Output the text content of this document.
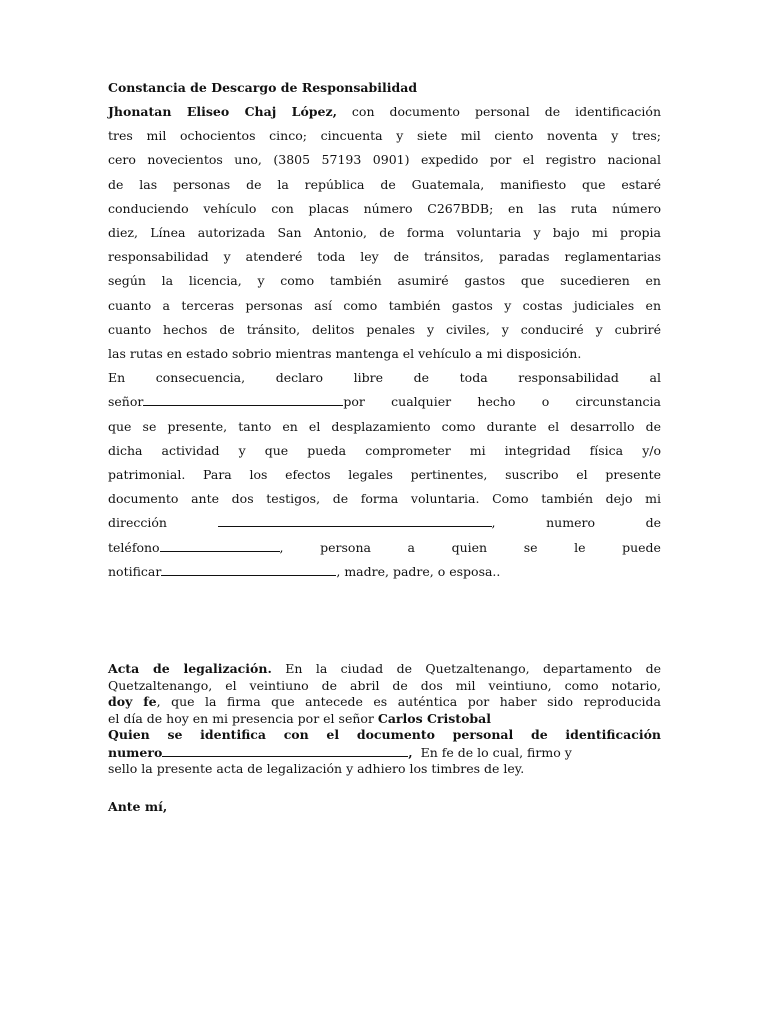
Constancia de Descargo de Responsabilidad
Jhonatan Eliseo Chaj López, con documento personal de identificación
tres mil ochocientos cinco; cincuenta y siete mil ciento noventa y tres;
cero novecientos uno, (3805 57193 0901) expedido por el registro nacional
de las personas de la república de Guatemala, manifiesto que estaré
conduciendo vehículo con placas número C267BDB; en las ruta número
diez, Línea autorizada San Antonio, de forma voluntaria y bajo mi propia
responsabilidad y atenderé toda ley de tránsitos, paradas reglamentarias
según la licencia, y como también asumiré gastos que sucedieren en
cuanto a terceras personas así como también gastos y costas judiciales en
cuanto hechos de tránsito, delitos penales y civiles, y conduciré y cubriré
las rutas en estado sobrio mientras mantenga el vehículo a mi disposición.
En consecuencia, declaro libre de toda responsabilidad al
señor	por cualquier hecho o circunstancia
que se presente, tanto en el desplazamiento como durante el desarrollo de
dicha actividad y que pueda comprometer mi integridad física y/o
patrimonial. Para los efectos legales pertinentes, suscribo el presente
documento ante dos testigos, de forma voluntaria. Como también dejo mi
dirección	,	numero	de
teléfono	,	persona	a	quien	se	le	puede
notificar	, madre, padre, o esposa..
Acta de legalización. En la ciudad de Quetzaltenango, departamento de
Quetzaltenango, el veintiuno de abril de dos mil veintiuno, como notario,
doy fe, que la firma que antecede es auténtica por haber sido reproducida
el día de hoy en mi presencia por el señor Carlos Cristobal
Quien se identifica con el documento personal de identificación
numero	,  En fe de lo cual, firmo y
sello la presente acta de legalización y adhiero los timbres de ley.
Ante mí,
